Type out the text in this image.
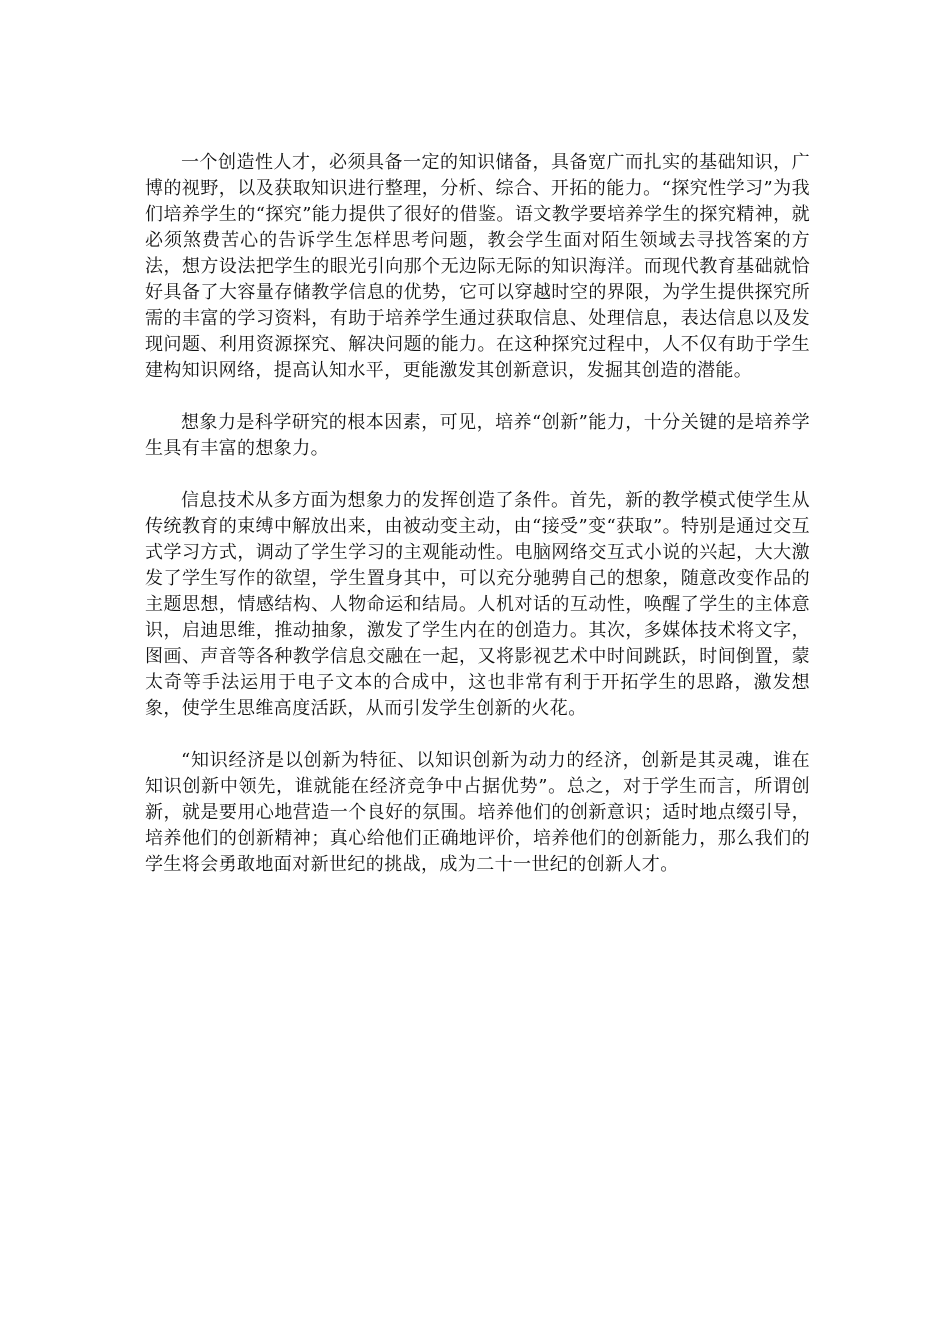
一个创造性人才，必须具备一定的知识储备，具备宽广而扎实的基础知识，广博的视野，以及获取知识进行整理，分析、综合、开拓的能力。“探究性学习”为我们培养学生的“探究”能力提供了很好的借鉴。语文教学要培养学生的探究精神，就必须煞费苦心的告诉学生怎样思考问题，教会学生面对陌生领域去寻找答案的方法，想方设法把学生的眼光引向那个无边际无际的知识海洋。而现代教育基础就恰好具备了大容量存储教学信息的优势，它可以穿越时空的界限，为学生提供探究所需的丰富的学习资料，有助于培养学生通过获取信息、处理信息，表达信息以及发现问题、利用资源探究、解决问题的能力。在这种探究过程中，人不仅有助于学生建构知识网络，提高认知水平，更能激发其创新意识，发掘其创造的潜能。

想象力是科学研究的根本因素，可见，培养“创新”能力，十分关键的是培养学生具有丰富的想象力。

信息技术从多方面为想象力的发挥创造了条件。首先，新的教学模式使学生从传统教育的束缚中解放出来，由被动变主动，由“接受”变“获取”。特别是通过交互式学习方式，调动了学生学习的主观能动性。电脑网络交互式小说的兴起，大大激发了学生写作的欲望，学生置身其中，可以充分驰骋自己的想象，随意改变作品的主题思想，情感结构、人物命运和结局。人机对话的互动性，唤醒了学生的主体意识，启迪思维，推动抽象，激发了学生内在的创造力。其次，多媒体技术将文字，图画、声音等各种教学信息交融在一起，又将影视艺术中时间跳跃，时间倒置，蒙太奇等手法运用于电子文本的合成中，这也非常有利于开拓学生的思路，激发想象，使学生思维高度活跃，从而引发学生创新的火花。

“知识经济是以创新为特征、以知识创新为动力的经济，创新是其灵魂，谁在知识创新中领先，谁就能在经济竞争中占据优势”。总之，对于学生而言，所谓创新，就是要用心地营造一个良好的氛围。培养他们的创新意识；适时地点缀引导，培养他们的创新精神；真心给他们正确地评价，培养他们的创新能力，那么我们的学生将会勇敢地面对新世纪的挑战，成为二十一世纪的创新人才。
